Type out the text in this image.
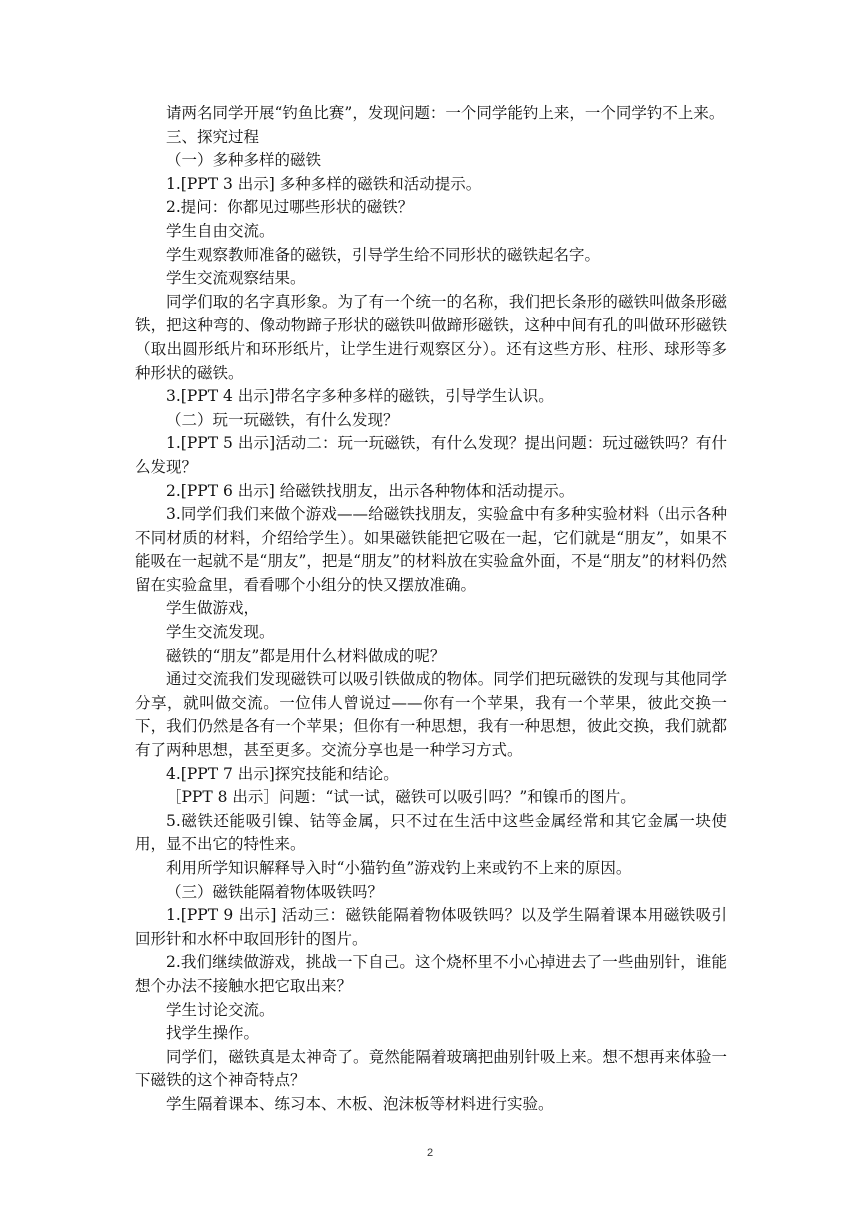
请两名同学开展“钓鱼比赛”，发现问题：一个同学能钓上来，一个同学钓不上来。

三、探究过程

（一）多种多样的磁铁

1.[PPT 3 出示] 多种多样的磁铁和活动提示。

2.提问：你都见过哪些形状的磁铁？

学生自由交流。

学生观察教师准备的磁铁，引导学生给不同形状的磁铁起名字。

学生交流观察结果。

同学们取的名字真形象。为了有一个统一的名称，我们把长条形的磁铁叫做条形磁铁，把这种弯的、像动物蹄子形状的磁铁叫做蹄形磁铁，这种中间有孔的叫做环形磁铁（取出圆形纸片和环形纸片，让学生进行观察区分）。还有这些方形、柱形、球形等多种形状的磁铁。

3.[PPT 4 出示]带名字多种多样的磁铁，引导学生认识。

（二）玩一玩磁铁，有什么发现？

1.[PPT 5 出示]活动二：玩一玩磁铁，有什么发现？提出问题：玩过磁铁吗？有什么发现？

2.[PPT 6 出示] 给磁铁找朋友，出示各种物体和活动提示。

3.同学们我们来做个游戏——给磁铁找朋友，实验盒中有多种实验材料（出示各种不同材质的材料，介绍给学生）。如果磁铁能把它吸在一起，它们就是“朋友”，如果不能吸在一起就不是“朋友”，把是“朋友”的材料放在实验盒外面，不是“朋友”的材料仍然留在实验盒里，看看哪个小组分的快又摆放准确。

学生做游戏，

学生交流发现。

磁铁的“朋友”都是用什么材料做成的呢？

通过交流我们发现磁铁可以吸引铁做成的物体。同学们把玩磁铁的发现与其他同学分享，就叫做交流。一位伟人曾说过——你有一个苹果，我有一个苹果，彼此交换一下，我们仍然是各有一个苹果；但你有一种思想，我有一种思想，彼此交换，我们就都有了两种思想，甚至更多。交流分享也是一种学习方式。

4.[PPT 7 出示]探究技能和结论。

［PPT 8 出示］问题：“试一试，磁铁可以吸引吗？”和镍币的图片。

5.磁铁还能吸引镍、钴等金属，只不过在生活中这些金属经常和其它金属一块使用，显不出它的特性来。

利用所学知识解释导入时“小猫钓鱼”游戏钓上来或钓不上来的原因。

（三）磁铁能隔着物体吸铁吗？

1.[PPT 9 出示] 活动三：磁铁能隔着物体吸铁吗？以及学生隔着课本用磁铁吸引回形针和水杯中取回形针的图片。

2.我们继续做游戏，挑战一下自己。这个烧杯里不小心掉进去了一些曲别针，谁能想个办法不接触水把它取出来？

学生讨论交流。

找学生操作。

同学们，磁铁真是太神奇了。竟然能隔着玻璃把曲别针吸上来。想不想再来体验一下磁铁的这个神奇特点？

学生隔着课本、练习本、木板、泡沫板等材料进行实验。

2
